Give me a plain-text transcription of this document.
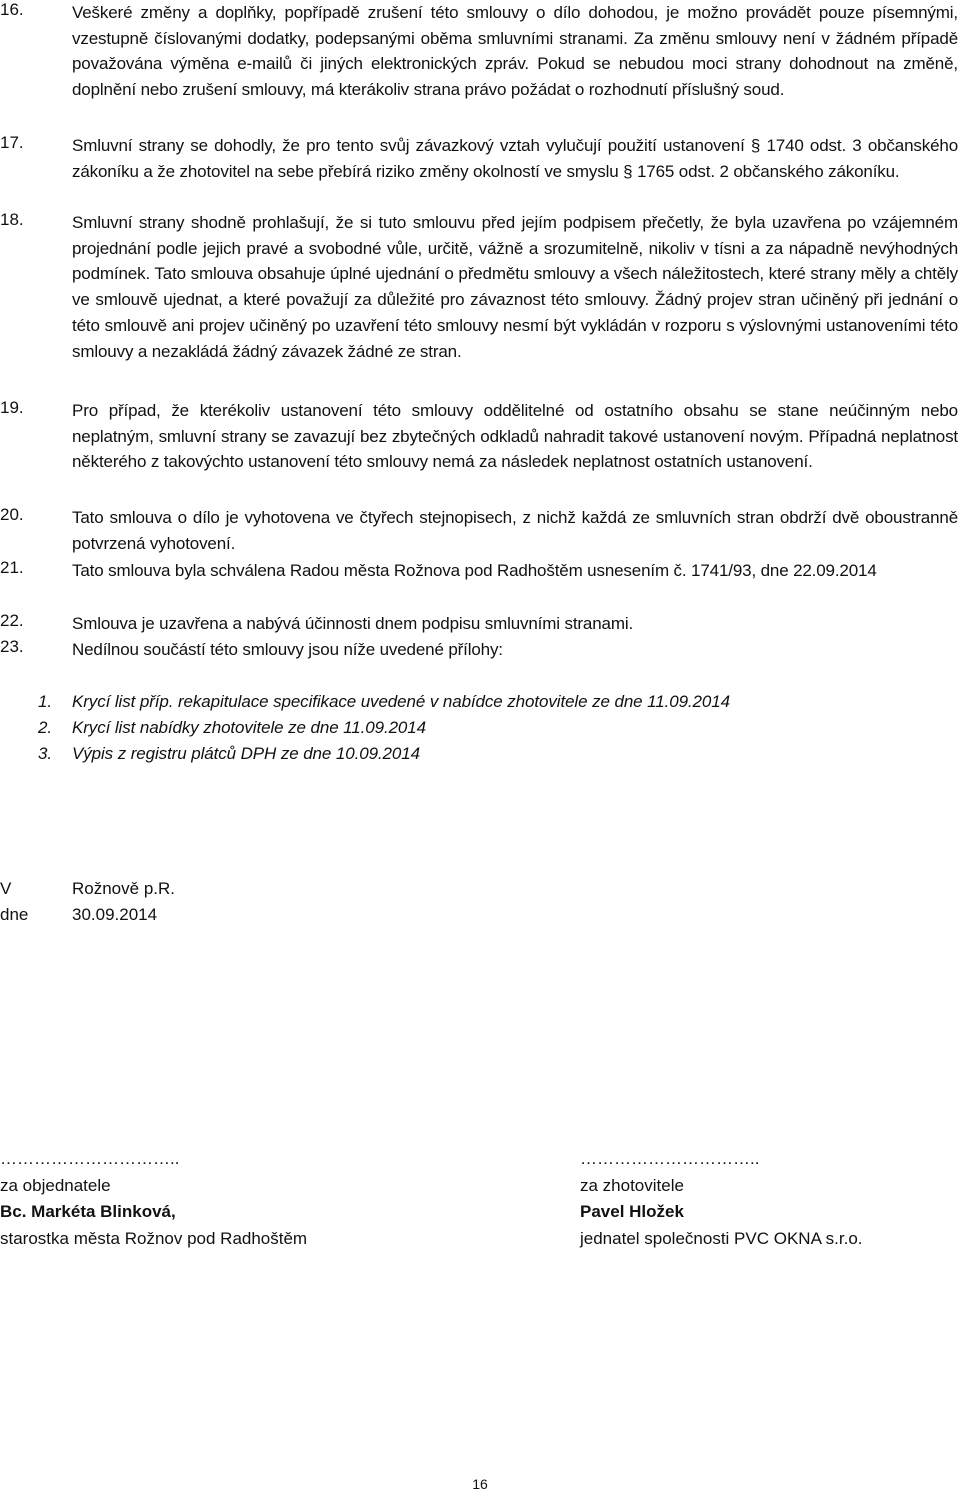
16.	Veškeré změny a doplňky, popřípadě zrušení této smlouvy o dílo dohodou, je možno provádět pouze písemnými, vzestupně číslovanými dodatky, podepsanými oběma smluvními stranami. Za změnu smlouvy není v žádném případě považována výměna e-mailů či jiných elektronických zpráv. Pokud se nebudou moci strany dohodnout na změně, doplnění nebo zrušení smlouvy, má kterákoliv strana právo požádat o rozhodnutí příslušný soud.
17.	Smluvní strany se dohodly, že pro tento svůj závazkový vztah vylučují použití ustanovení § 1740 odst. 3 občanského zákoníku a že zhotovitel na sebe přebírá riziko změny okolností ve smyslu § 1765 odst. 2 občanského zákoníku.
18.	Smluvní strany shodně prohlašují, že si tuto smlouvu před jejím podpisem přečetly, že byla uzavřena po vzájemném projednání podle jejich pravé a svobodné vůle, určitě, vážně a srozumitelně, nikoliv v tísni a za nápadně nevýhodných podmínek. Tato smlouva obsahuje úplné ujednání o předmětu smlouvy a všech náležitostech, které strany měly a chtěly ve smlouvě ujednat, a které považují za důležité pro závaznost této smlouvy. Žádný projev stran učiněný při jednání o této smlouvě ani projev učiněný po uzavření této smlouvy nesmí být vykládán v rozporu s výslovnými ustanoveními této smlouvy a nezakládá žádný závazek žádné ze stran.
19.	Pro případ, že kterékoliv ustanovení této smlouvy oddělitelné od ostatního obsahu se stane neúčinným nebo neplatným, smluvní strany se zavazují bez zbytečných odkladů nahradit takové ustanovení novým. Případná neplatnost některého z takovýchto ustanovení této smlouvy nemá za následek neplatnost ostatních ustanovení.
20.	Tato smlouva o dílo je vyhotovena ve čtyřech stejnopisech, z nichž každá ze smluvních stran obdrží dvě oboustranně potvrzená vyhotovení.
21.	Tato smlouva byla schválena Radou města Rožnova pod Radhoštěm usnesením č. 1741/93, dne 22.09.2014
22.	Smlouva je uzavřena a nabývá účinnosti dnem podpisu smluvními stranami.
23.	Nedílnou součástí této smlouvy jsou níže uvedené přílohy:
1. Krycí list příp. rekapitulace specifikace uvedené v nabídce zhotovitele ze dne 11.09.2014
2. Krycí list nabídky zhotovitele ze dne 11.09.2014
3. Výpis z registru plátců DPH ze dne 10.09.2014
V	Rožnově p.R.
dne	30.09.2014
…………………………..
za objednatele
Bc. Markéta Blinková,
starostka města Rožnov pod Radhoštěm
…………………………..
za zhotovitele
Pavel Hložek
jednatel společnosti PVC OKNA s.r.o.
16
